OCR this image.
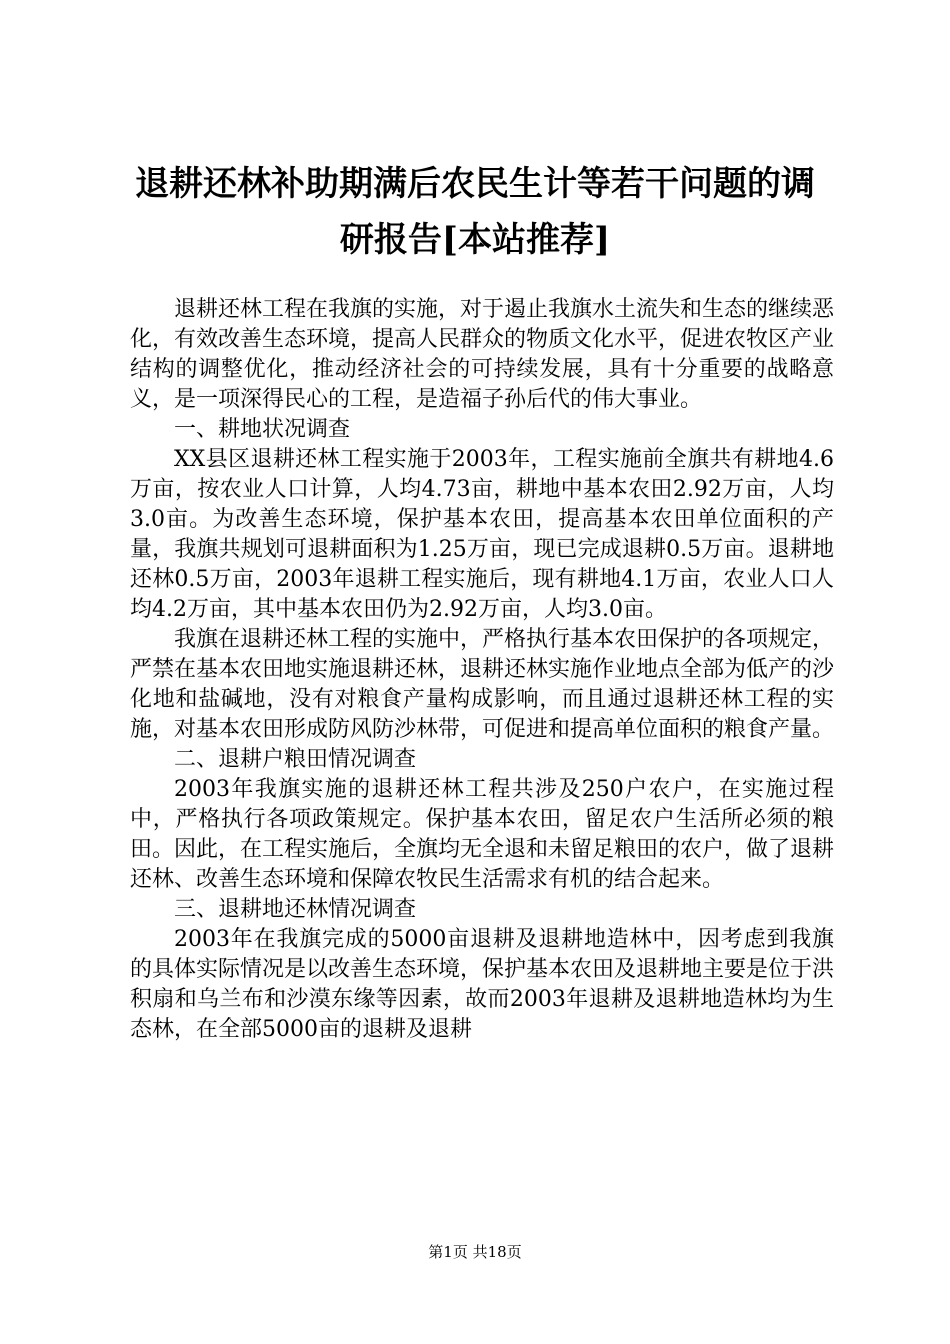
退耕还林补助期满后农民生计等若干问题的调
研报告[本站推荐]

退耕还林工程在我旗的实施，对于遏止我旗水土流失和生态的继续恶化，有效改善生态环境，提高人民群众的物质文化水平，促进农牧区产业结构的调整优化，推动经济社会的可持续发展，具有十分重要的战略意义，是一项深得民心的工程，是造福子孙后代的伟大事业。

一、耕地状况调查

XX县区退耕还林工程实施于2003年，工程实施前全旗共有耕地4.6万亩，按农业人口计算，人均4.73亩，耕地中基本农田2.92万亩，人均3.0亩。为改善生态环境，保护基本农田，提高基本农田单位面积的产量，我旗共规划可退耕面积为1.25万亩，现已完成退耕0.5万亩。退耕地还林0.5万亩，2003年退耕工程实施后，现有耕地4.1万亩，农业人口人均4.2万亩，其中基本农田仍为2.92万亩，人均3.0亩。

我旗在退耕还林工程的实施中，严格执行基本农田保护的各项规定，严禁在基本农田地实施退耕还林，退耕还林实施作业地点全部为低产的沙化地和盐碱地，没有对粮食产量构成影响，而且通过退耕还林工程的实施，对基本农田形成防风防沙林带，可促进和提高单位面积的粮食产量。

二、退耕户粮田情况调查

2003年我旗实施的退耕还林工程共涉及250户农户，在实施过程中，严格执行各项政策规定。保护基本农田，留足农户生活所必须的粮田。因此，在工程实施后，全旗均无全退和未留足粮田的农户，做了退耕还林、改善生态环境和保障农牧民生活需求有机的结合起来。

三、退耕地还林情况调查

2003年在我旗完成的5000亩退耕及退耕地造林中，因考虑到我旗的具体实际情况是以改善生态环境，保护基本农田及退耕地主要是位于洪积扇和乌兰布和沙漠东缘等因素，故而2003年退耕及退耕地造林均为生态林，在全部5000亩的退耕及退耕

第1页 共18页
